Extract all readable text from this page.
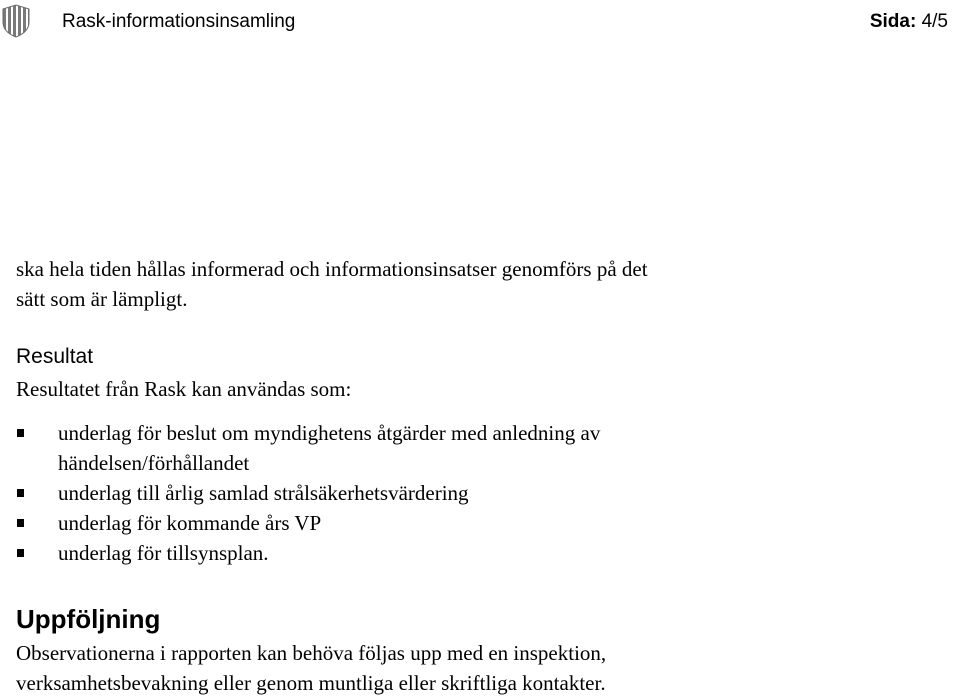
Rask-informationsinsamling	Sida: 4/5

ska hela tiden hållas informerad och informationsinsatser genomförs på det
sätt som är lämpligt.

Resultat

Resultatet från Rask kan användas som:

underlag för beslut om myndighetens åtgärder med anledning av
händelsen/förhållandet
underlag till årlig samlad strålsäkerhetsvärdering
underlag för kommande års VP
underlag för tillsynsplan.
Uppföljning

Observationerna i rapporten kan behöva följas upp med en inspektion,
verksamhetsbevakning eller genom muntliga eller skriftliga kontakter.
